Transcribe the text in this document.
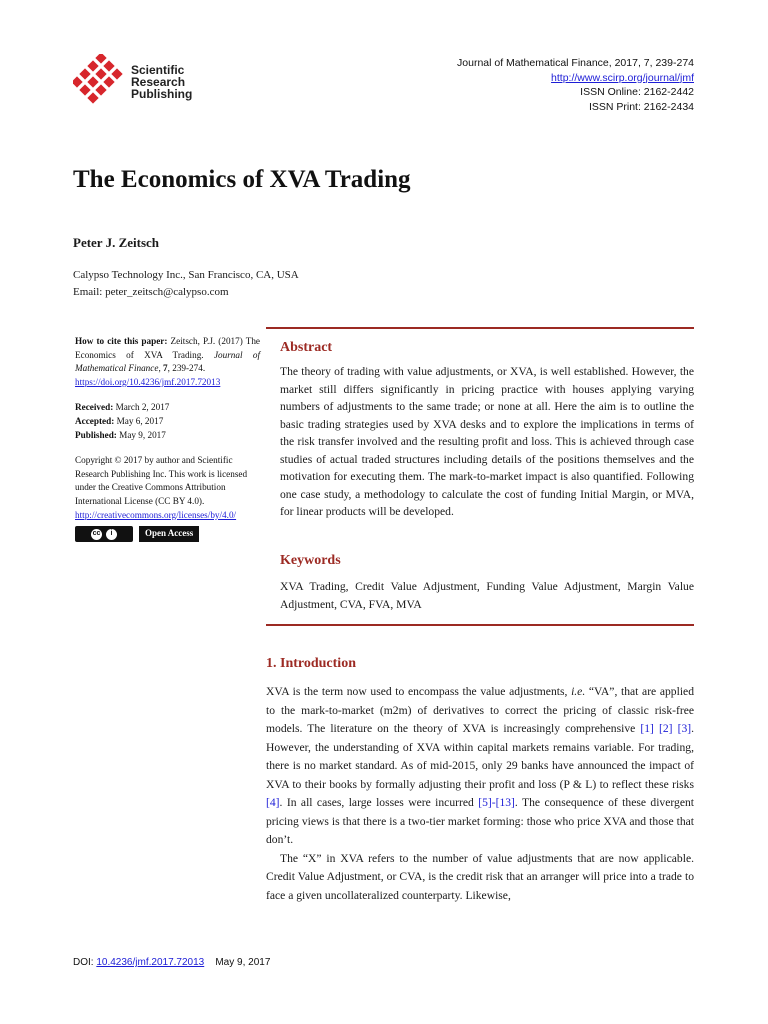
Scientific
Research
Publishing
Journal of Mathematical Finance, 2017, 7, 239-274
http://www.scirp.org/journal/jmf
ISSN Online: 2162-2442
ISSN Print: 2162-2434
The Economics of XVA Trading
Peter J. Zeitsch
Calypso Technology Inc., San Francisco, CA, USA
Email: peter_zeitsch@calypso.com

How to cite this paper: Zeitsch, P.J. (2017) The Economics of XVA Trading. Journal of Mathematical Finance, 7, 239-274.
https://doi.org/10.4236/jmf.2017.72013

Received: March 2, 2017
Accepted: May 6, 2017
Published: May 9, 2017

Copyright © 2017 by author and Scientific Research Publishing Inc. This work is licensed under the Creative Commons Attribution International License (CC BY 4.0).
http://creativecommons.org/licenses/by/4.0/

cc	i	Open Access
Abstract

The theory of trading with value adjustments, or XVA, is well established. However, the market still differs significantly in pricing practice with houses applying varying numbers of adjustments to the same trade; or none at all. Here the aim is to outline the basic trading strategies used by XVA desks and to explore the implications in terms of the risk transfer involved and the resulting profit and loss. This is achieved through case studies of actual traded structures including details of the positions themselves and the motivation for executing them. The mark-to-market impact is also quantified. Following one case study, a methodology to calculate the cost of funding Initial Margin, or MVA, for linear products will be developed.

Keywords

XVA Trading, Credit Value Adjustment, Funding Value Adjustment, Margin Value Adjustment, CVA, FVA, MVA

1. Introduction

XVA is the term now used to encompass the value adjustments, i.e. “VA”, that are applied to the mark-to-market (m2m) of derivatives to correct the pricing of classic risk-free models. The literature on the theory of XVA is increasingly comprehensive [1] [2] [3]. However, the understanding of XVA within capital markets remains variable. For trading, there is no market standard. As of mid-2015, only 29 banks have announced the impact of XVA to their books by formally adjusting their profit and loss (P & L) to reflect these risks [4]. In all cases, large losses were incurred [5]-[13]. The consequence of these divergent pricing views is that there is a two-tier market forming: those who price XVA and those that don’t.

The “X” in XVA refers to the number of value adjustments that are now applicable. Credit Value Adjustment, or CVA, is the credit risk that an arranger will price into a trade to face a given uncollateralized counterparty. Likewise,

DOI: 10.4236/jmf.2017.72013 May 9, 2017
